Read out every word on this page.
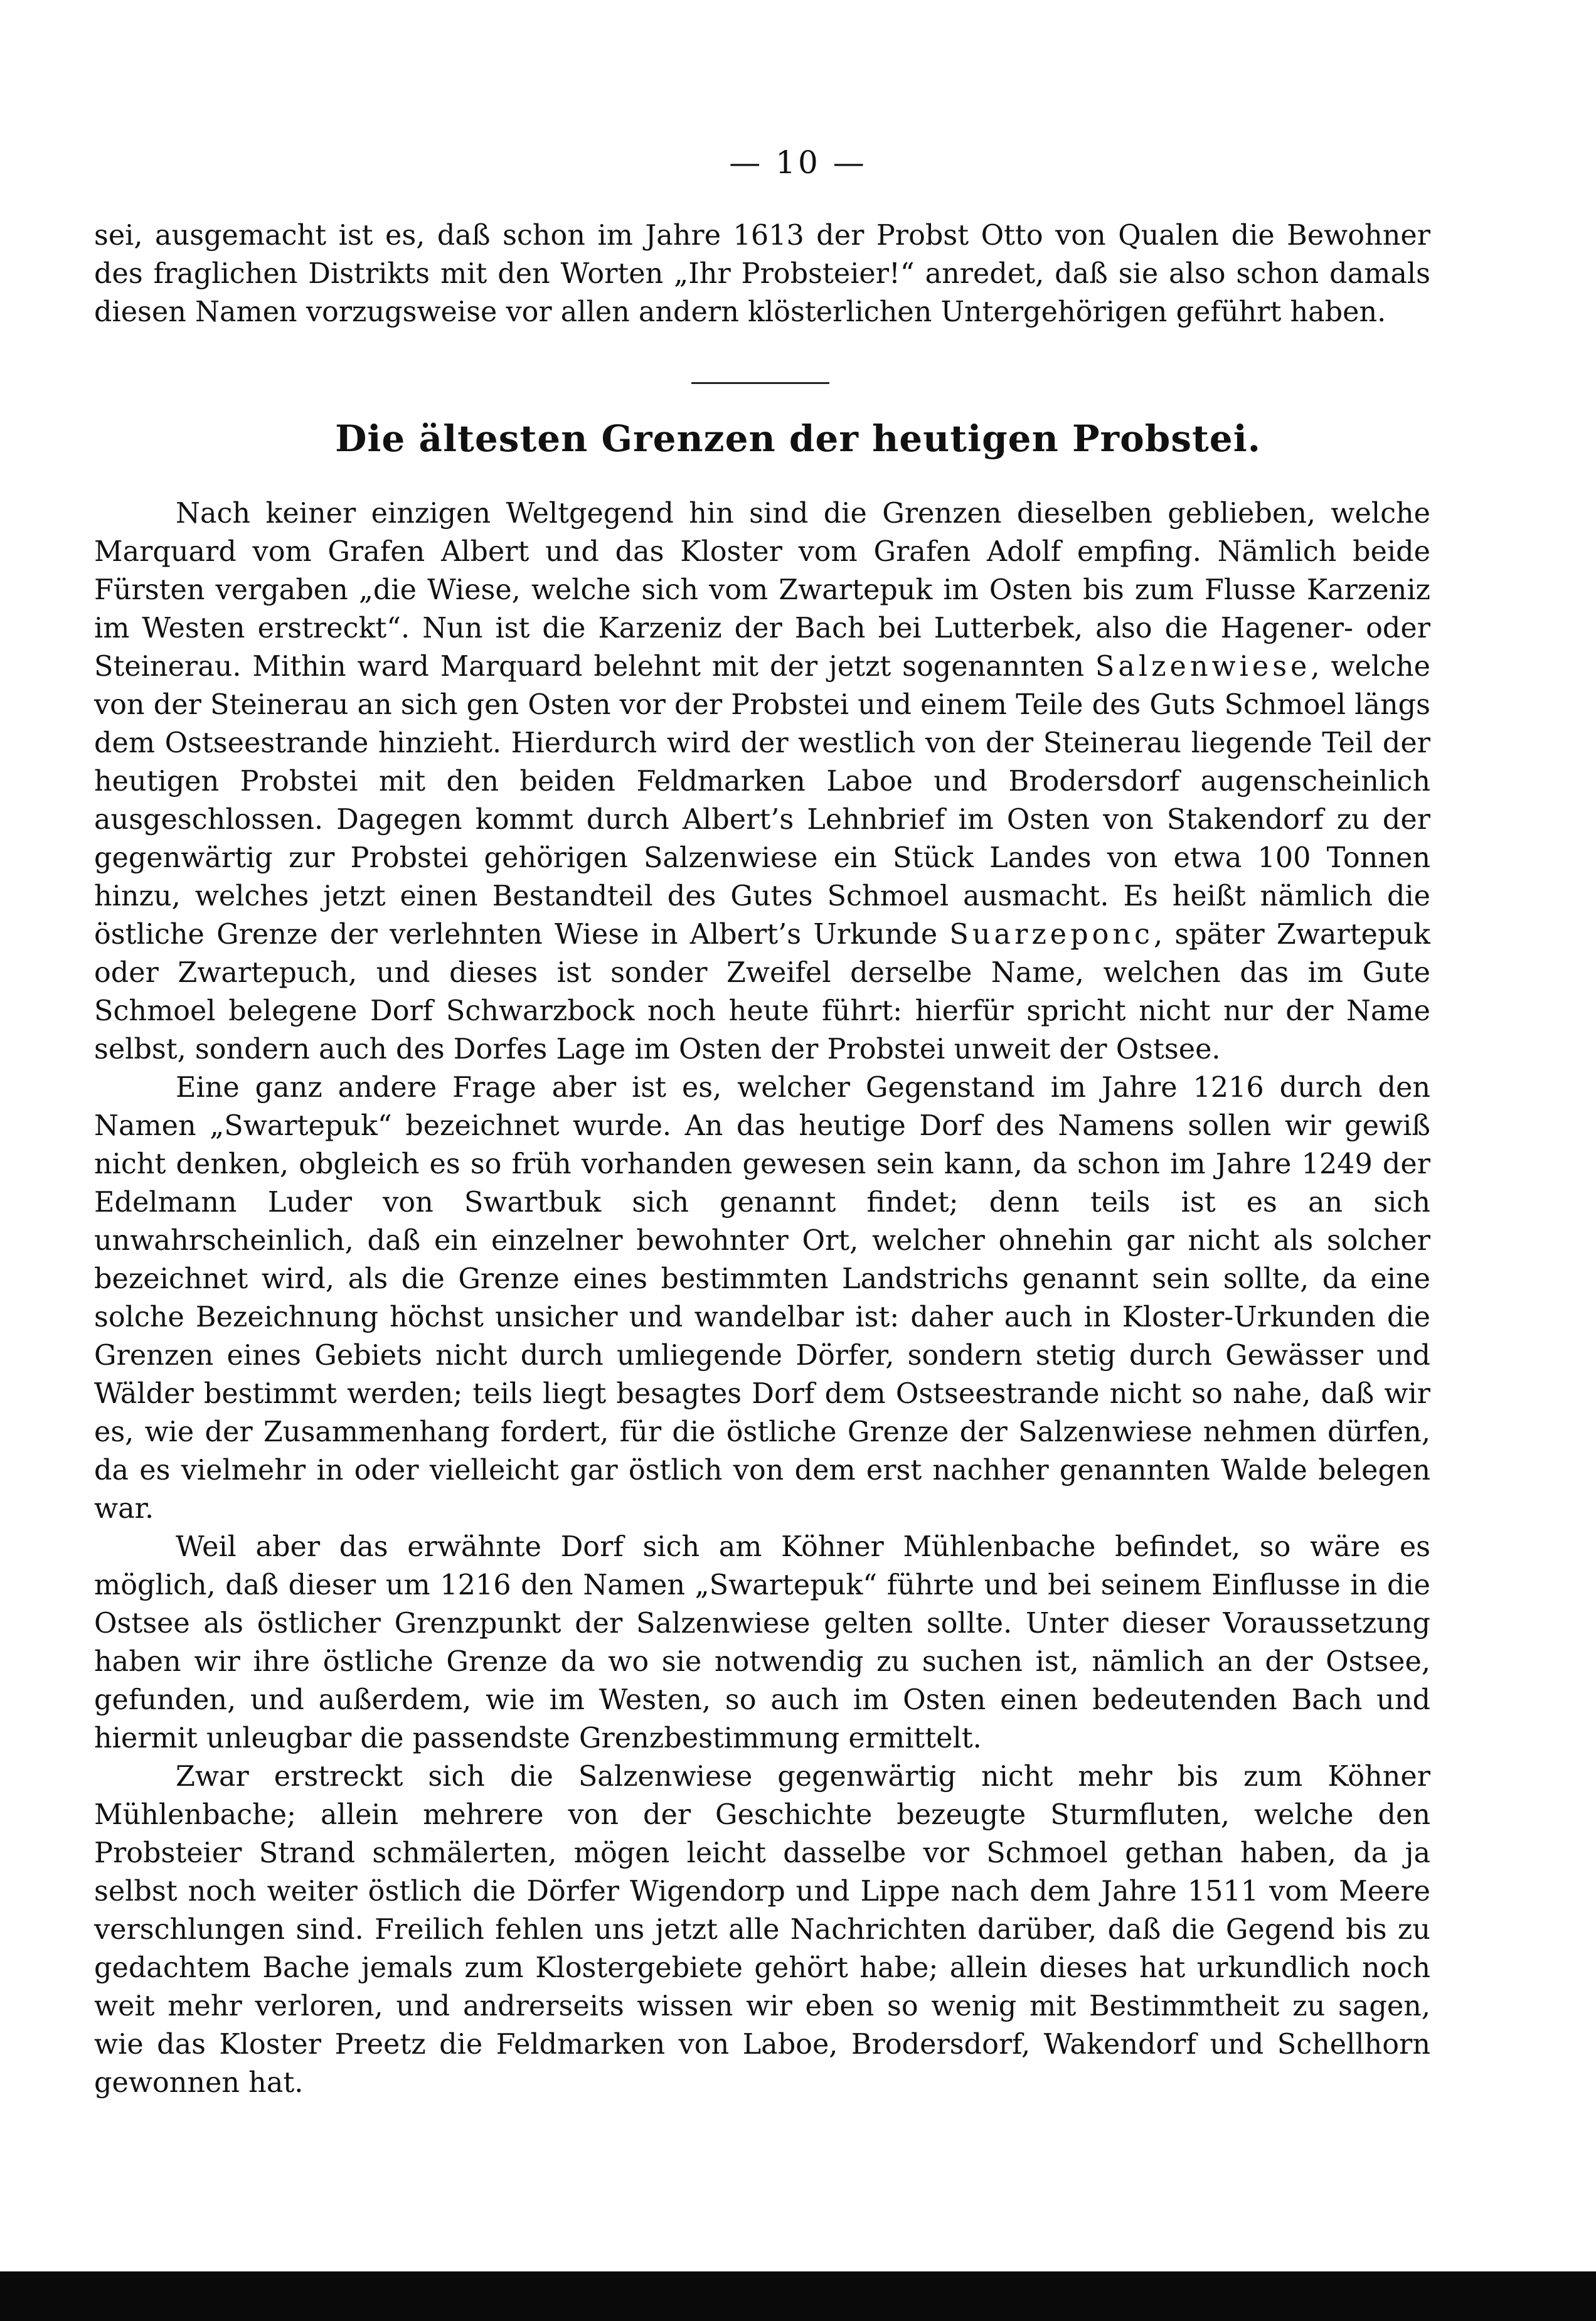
— 10 —

sei, ausgemacht ist es, daß schon im Jahre 1613 der Probst Otto von Qualen die Bewohner des fraglichen Distrikts mit den Worten „Ihr Probsteier!“ anredet, daß sie also schon damals diesen Namen vorzugsweise vor allen andern klösterlichen Untergehörigen geführt haben.

Die ältesten Grenzen der heutigen Probstei.

Nach keiner einzigen Weltgegend hin sind die Grenzen dieselben geblieben, welche Marquard vom Grafen Albert und das Kloster vom Grafen Adolf empfing. Nämlich beide Fürsten vergaben „die Wiese, welche sich vom Zwartepuk im Osten bis zum Flusse Karzeniz im Westen erstreckt“. Nun ist die Karzeniz der Bach bei Lutterbek, also die Hagener- oder Steinerau. Mithin ward Marquard belehnt mit der jetzt sogenannten Salzenwiese, welche von der Steinerau an sich gen Osten vor der Probstei und einem Teile des Guts Schmoel längs dem Ostseestrande hinzieht. Hierdurch wird der westlich von der Steinerau liegende Teil der heutigen Probstei mit den beiden Feldmarken Laboe und Brodersdorf augenscheinlich ausgeschlossen. Dagegen kommt durch Albert’s Lehnbrief im Osten von Stakendorf zu der gegenwärtig zur Probstei gehörigen Salzenwiese ein Stück Landes von etwa 100 Tonnen hinzu, welches jetzt einen Bestandteil des Gutes Schmoel ausmacht. Es heißt nämlich die östliche Grenze der verlehnten Wiese in Albert’s Urkunde Suarzeponc, später Zwartepuk oder Zwartepuch, und dieses ist sonder Zweifel derselbe Name, welchen das im Gute Schmoel belegene Dorf Schwarzbock noch heute führt: hierfür spricht nicht nur der Name selbst, sondern auch des Dorfes Lage im Osten der Probstei unweit der Ostsee.

Eine ganz andere Frage aber ist es, welcher Gegenstand im Jahre 1216 durch den Namen „Swartepuk“ bezeichnet wurde. An das heutige Dorf des Namens sollen wir gewiß nicht denken, obgleich es so früh vorhanden gewesen sein kann, da schon im Jahre 1249 der Edelmann Luder von Swartbuk sich genannt findet; denn teils ist es an sich unwahrscheinlich, daß ein einzelner bewohnter Ort, welcher ohnehin gar nicht als solcher bezeichnet wird, als die Grenze eines bestimmten Landstrichs genannt sein sollte, da eine solche Bezeichnung höchst unsicher und wandelbar ist: daher auch in Kloster-Urkunden die Grenzen eines Gebiets nicht durch umliegende Dörfer, sondern stetig durch Gewässer und Wälder bestimmt werden; teils liegt besagtes Dorf dem Ostseestrande nicht so nahe, daß wir es, wie der Zusammenhang fordert, für die östliche Grenze der Salzenwiese nehmen dürfen, da es vielmehr in oder vielleicht gar östlich von dem erst nachher genannten Walde belegen war.

Weil aber das erwähnte Dorf sich am Köhner Mühlenbache befindet, so wäre es möglich, daß dieser um 1216 den Namen „Swartepuk“ führte und bei seinem Einflusse in die Ostsee als östlicher Grenzpunkt der Salzenwiese gelten sollte. Unter dieser Voraussetzung haben wir ihre östliche Grenze da wo sie notwendig zu suchen ist, nämlich an der Ostsee, gefunden, und außerdem, wie im Westen, so auch im Osten einen bedeutenden Bach und hiermit unleugbar die passendste Grenzbestimmung ermittelt.

Zwar erstreckt sich die Salzenwiese gegenwärtig nicht mehr bis zum Köhner Mühlenbache; allein mehrere von der Geschichte bezeugte Sturmfluten, welche den Probsteier Strand schmälerten, mögen leicht dasselbe vor Schmoel gethan haben, da ja selbst noch weiter östlich die Dörfer Wigendorp und Lippe nach dem Jahre 1511 vom Meere verschlungen sind. Freilich fehlen uns jetzt alle Nachrichten darüber, daß die Gegend bis zu gedachtem Bache jemals zum Klostergebiete gehört habe; allein dieses hat urkundlich noch weit mehr verloren, und andrerseits wissen wir eben so wenig mit Bestimmtheit zu sagen, wie das Kloster Preetz die Feldmarken von Laboe, Brodersdorf, Wakendorf und Schellhorn gewonnen hat.
